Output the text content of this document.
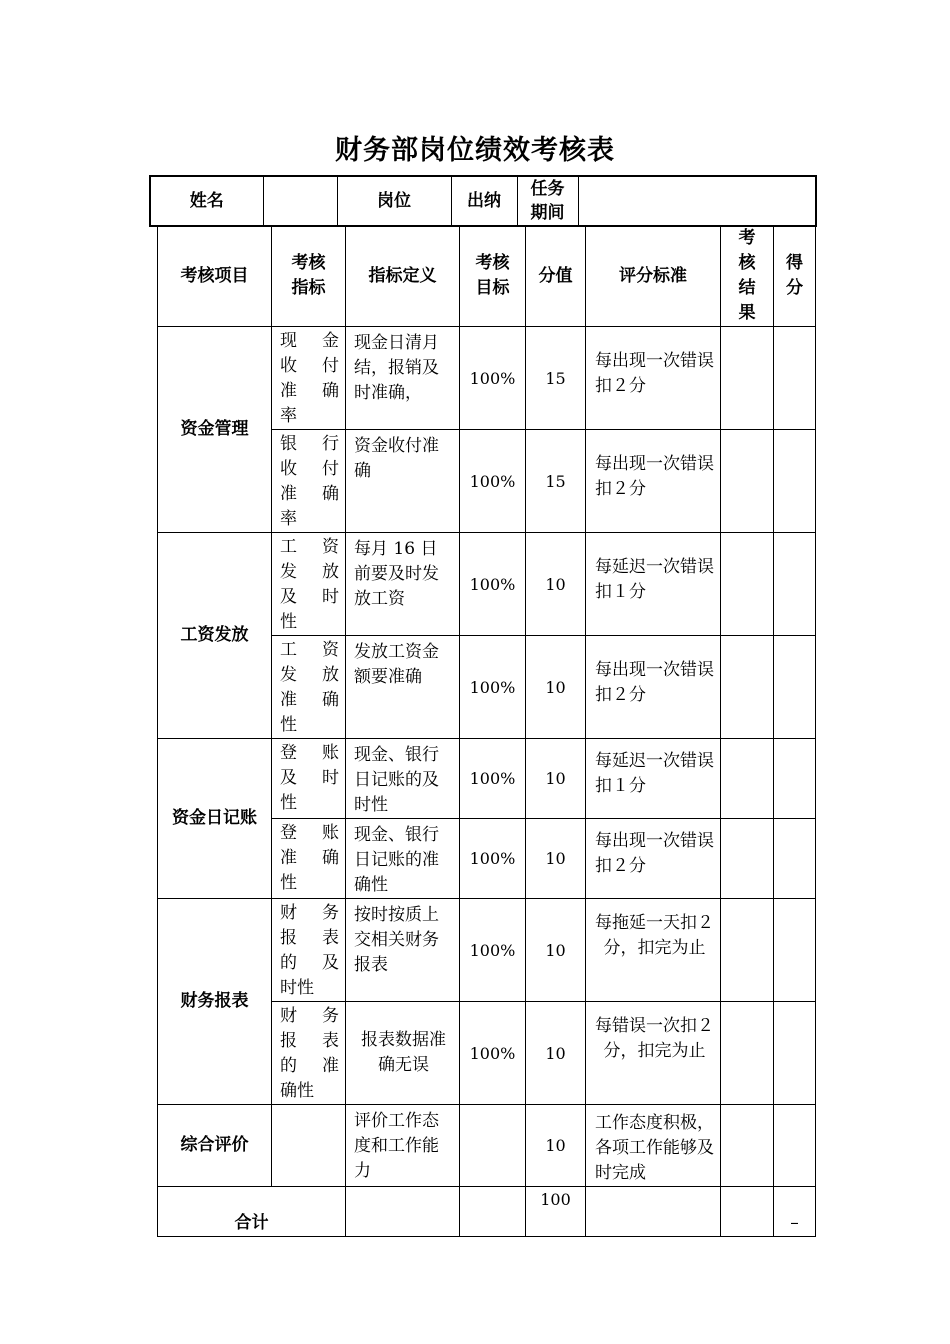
财务部岗位绩效考核表
姓名		岗位	出纳	任务期间	
考核项目	考核指标	指标定义	考核目标	分值	评分标准	考核结果	得分
资金管理	现 金
收 付
准 确
率	现金日清月结，报销及时准确，	100%	15	每出现一次错误扣２分		

	银 行
收 付
准 确
率	资金收付准确	100%	15	每出现一次错误扣２分		
工资发放	工 资
发 放
及 时
性	每月 16 日前要及时发放工资	100%	10	每延迟一次错误扣１分		

	工 资
发 放
准 确
性	发放工资金额要准确	100%	10	每出现一次错误扣２分		
资金日记账	登 账
及 时
性	现金、银行日记账的及时性	100%	10	每延迟一次错误扣１分		

	登 账
准 确
性	现金、银行日记账的准确性	100%	10	每出现一次错误扣２分		
财务报表	财 务
报 表
的 及
时性	按时按质上交相关财务报表	100%	10	每拖延一天扣２分，扣完为止		

	财 务
报 表
的 准
确性	报表数据准确无误	100%	10	每错误一次扣２分，扣完为止		
综合评价		评价工作态度和工作能力		10	工作态度积极，各项工作能够及时完成		
合计				100			–
